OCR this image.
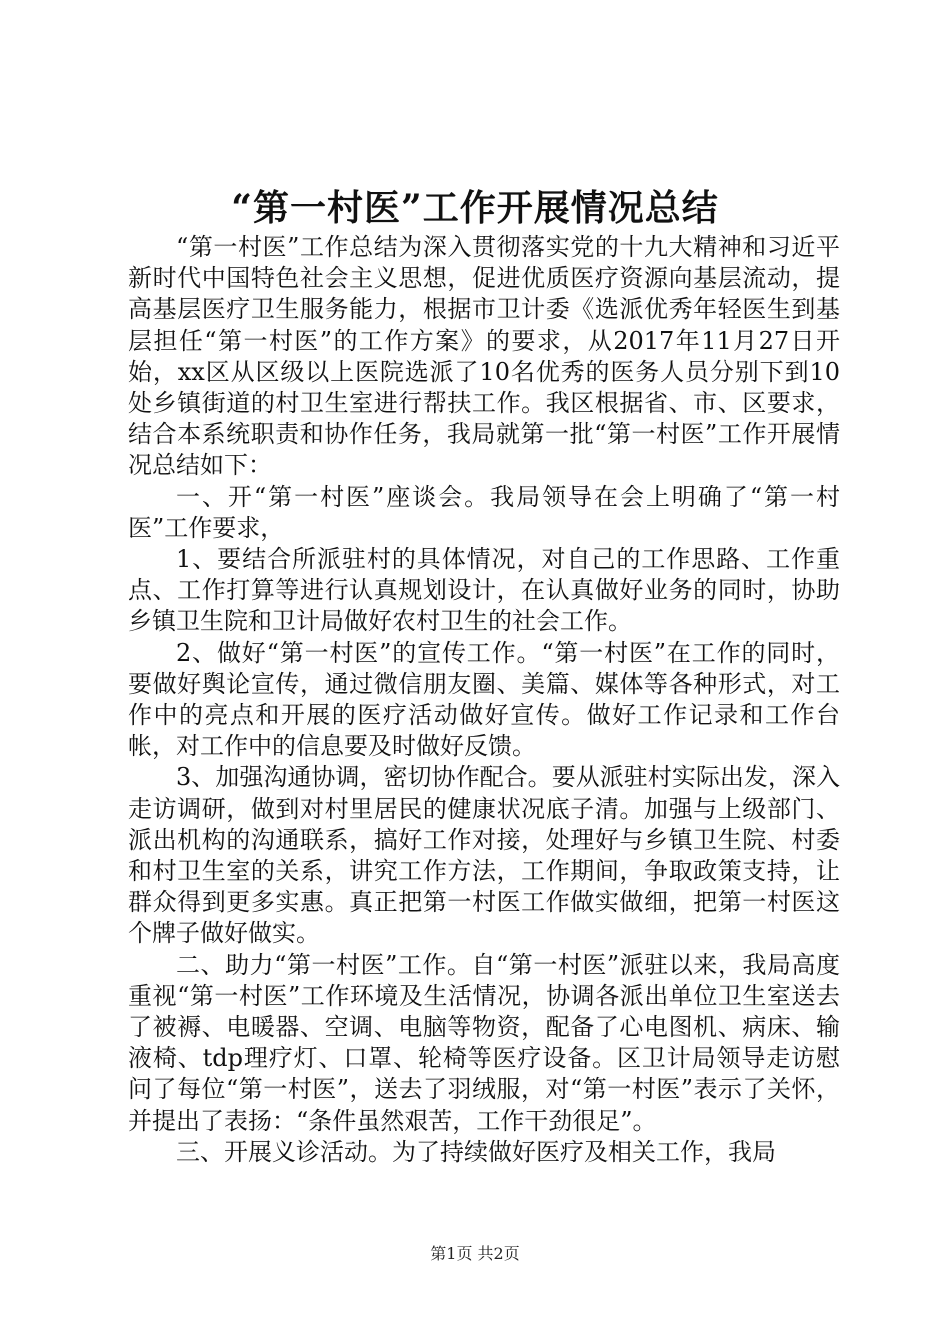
“第一村医”工作开展情况总结

“第一村医”工作总结为深入贯彻落实党的十九大精神和习近平新时代中国特色社会主义思想，促进优质医疗资源向基层流动，提高基层医疗卫生服务能力，根据市卫计委《选派优秀年轻医生到基层担任“第一村医”的工作方案》的要求，从2017年11月27日开始，xx区从区级以上医院选派了10名优秀的医务人员分别下到10处乡镇街道的村卫生室进行帮扶工作。我区根据省、市、区要求，结合本系统职责和协作任务，我局就第一批“第一村医”工作开展情况总结如下：

一、开“第一村医”座谈会。我局领导在会上明确了“第一村医”工作要求，

1、要结合所派驻村的具体情况，对自己的工作思路、工作重点、工作打算等进行认真规划设计，在认真做好业务的同时，协助乡镇卫生院和卫计局做好农村卫生的社会工作。

2、做好“第一村医”的宣传工作。“第一村医”在工作的同时，要做好舆论宣传，通过微信朋友圈、美篇、媒体等各种形式，对工作中的亮点和开展的医疗活动做好宣传。做好工作记录和工作台帐，对工作中的信息要及时做好反馈。

3、加强沟通协调，密切协作配合。要从派驻村实际出发，深入走访调研，做到对村里居民的健康状况底子清。加强与上级部门、派出机构的沟通联系，搞好工作对接，处理好与乡镇卫生院、村委和村卫生室的关系，讲究工作方法，工作期间，争取政策支持，让群众得到更多实惠。真正把第一村医工作做实做细，把第一村医这个牌子做好做实。

二、助力“第一村医”工作。自“第一村医”派驻以来，我局高度重视“第一村医”工作环境及生活情况，协调各派出单位卫生室送去了被褥、电暖器、空调、电脑等物资，配备了心电图机、病床、输液椅、tdp理疗灯、口罩、轮椅等医疗设备。区卫计局领导走访慰问了每位“第一村医”，送去了羽绒服，对“第一村医”表示了关怀，并提出了表扬：“条件虽然艰苦，工作干劲很足”。

三、开展义诊活动。为了持续做好医疗及相关工作，我局

第1页 共2页
